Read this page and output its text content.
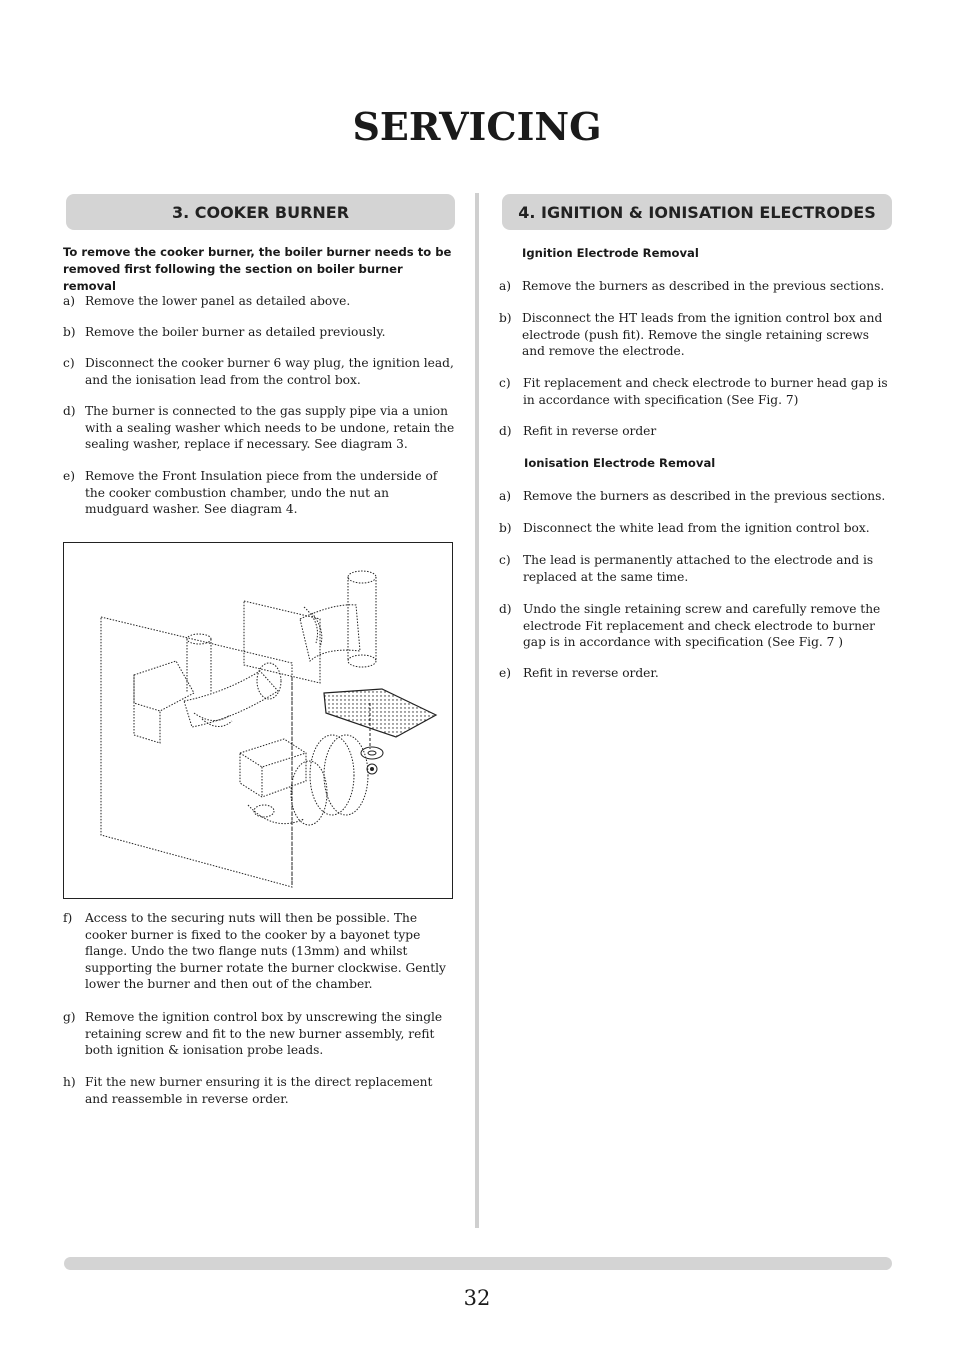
SERVICING
3. COOKER BURNER
To remove the cooker burner, the boiler burner needs to be removed first following the section on boiler burner removal
a) Remove the lower panel as detailed above.
b) Remove the boiler burner as detailed previously.
c) Disconnect the cooker burner 6 way plug, the ignition lead, and the ionisation lead from the control box.
d) The burner is connected to the gas supply pipe via a union with a sealing washer which needs to be undone, retain the sealing washer, replace if necessary. See diagram 3.
e) Remove the Front Insulation piece from the underside of the cooker combustion chamber, undo the nut an mudguard washer. See diagram 4.
f) Access to the securing nuts will then be possible. The cooker burner is fixed to the cooker by a bayonet type flange. Undo the two flange nuts (13mm) and whilst supporting the burner rotate the burner clockwise. Gently lower the burner and then out of the chamber.
g) Remove the ignition control box by unscrewing the single retaining screw and fit to the new burner assembly, refit both ignition & ionisation probe leads.
h) Fit the new burner ensuring it is the direct replacement and reassemble in reverse order.
4. IGNITION & IONISATION ELECTRODES
Ignition Electrode Removal
a) Remove the burners as described in the previous sections.
b) Disconnect the HT leads from the ignition control box and electrode (push fit). Remove the single retaining screws and remove the electrode.
c) Fit replacement and check electrode to burner head gap is in accordance with specification (See Fig. 7)
d) Refit in reverse order
Ionisation Electrode Removal
a) Remove the burners as described in the previous sections.
b) Disconnect the white lead from the ignition control box.
c) The lead is permanently attached to the electrode and is replaced at the same time.
d) Undo the single retaining screw and carefully remove the electrode Fit replacement and check electrode to burner gap is in accordance with specification (See Fig. 7 )
e) Refit in reverse order.
32
